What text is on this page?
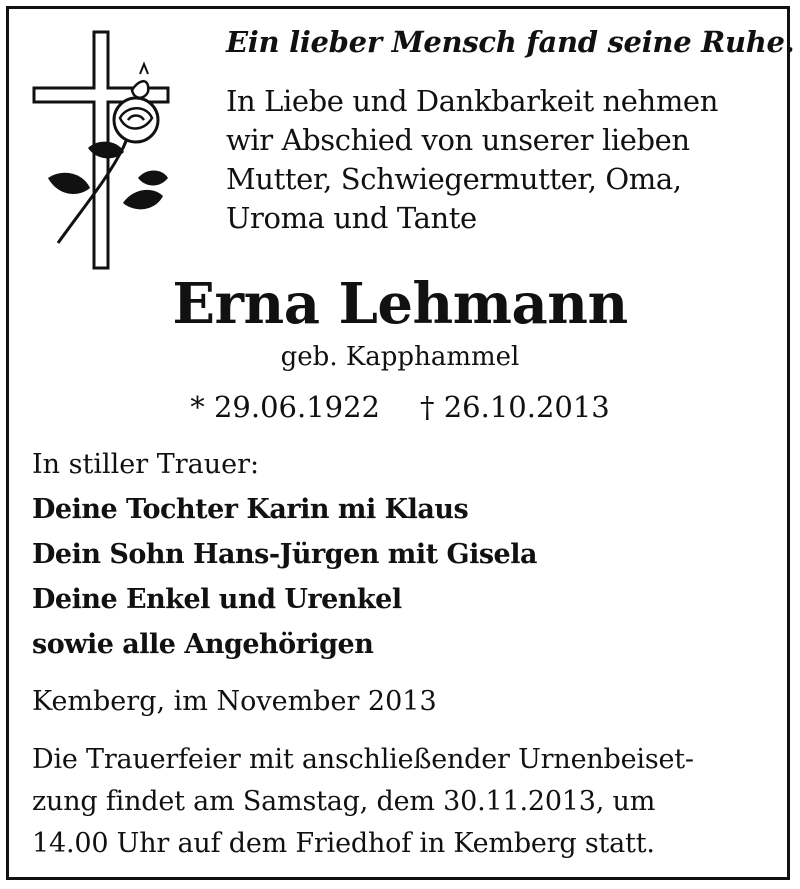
Ein lieber Mensch fand seine Ruhe.
In Liebe und Dankbarkeit nehmen
wir Abschied von unserer lieben
Mutter, Schwiegermutter, Oma,
Uroma und Tante
Erna Lehmann
geb. Kapphammel
* 29.06.1922 † 26.10.2013
In stiller Trauer:
Deine Tochter Karin mi Klaus
Dein Sohn Hans-Jürgen mit Gisela
Deine Enkel und Urenkel
sowie alle Angehörigen
Kemberg, im November 2013
Die Trauerfeier mit anschließender Urnenbeiset-
zung findet am Samstag, dem 30.11.2013, um
14.00 Uhr auf dem Friedhof in Kemberg statt.
